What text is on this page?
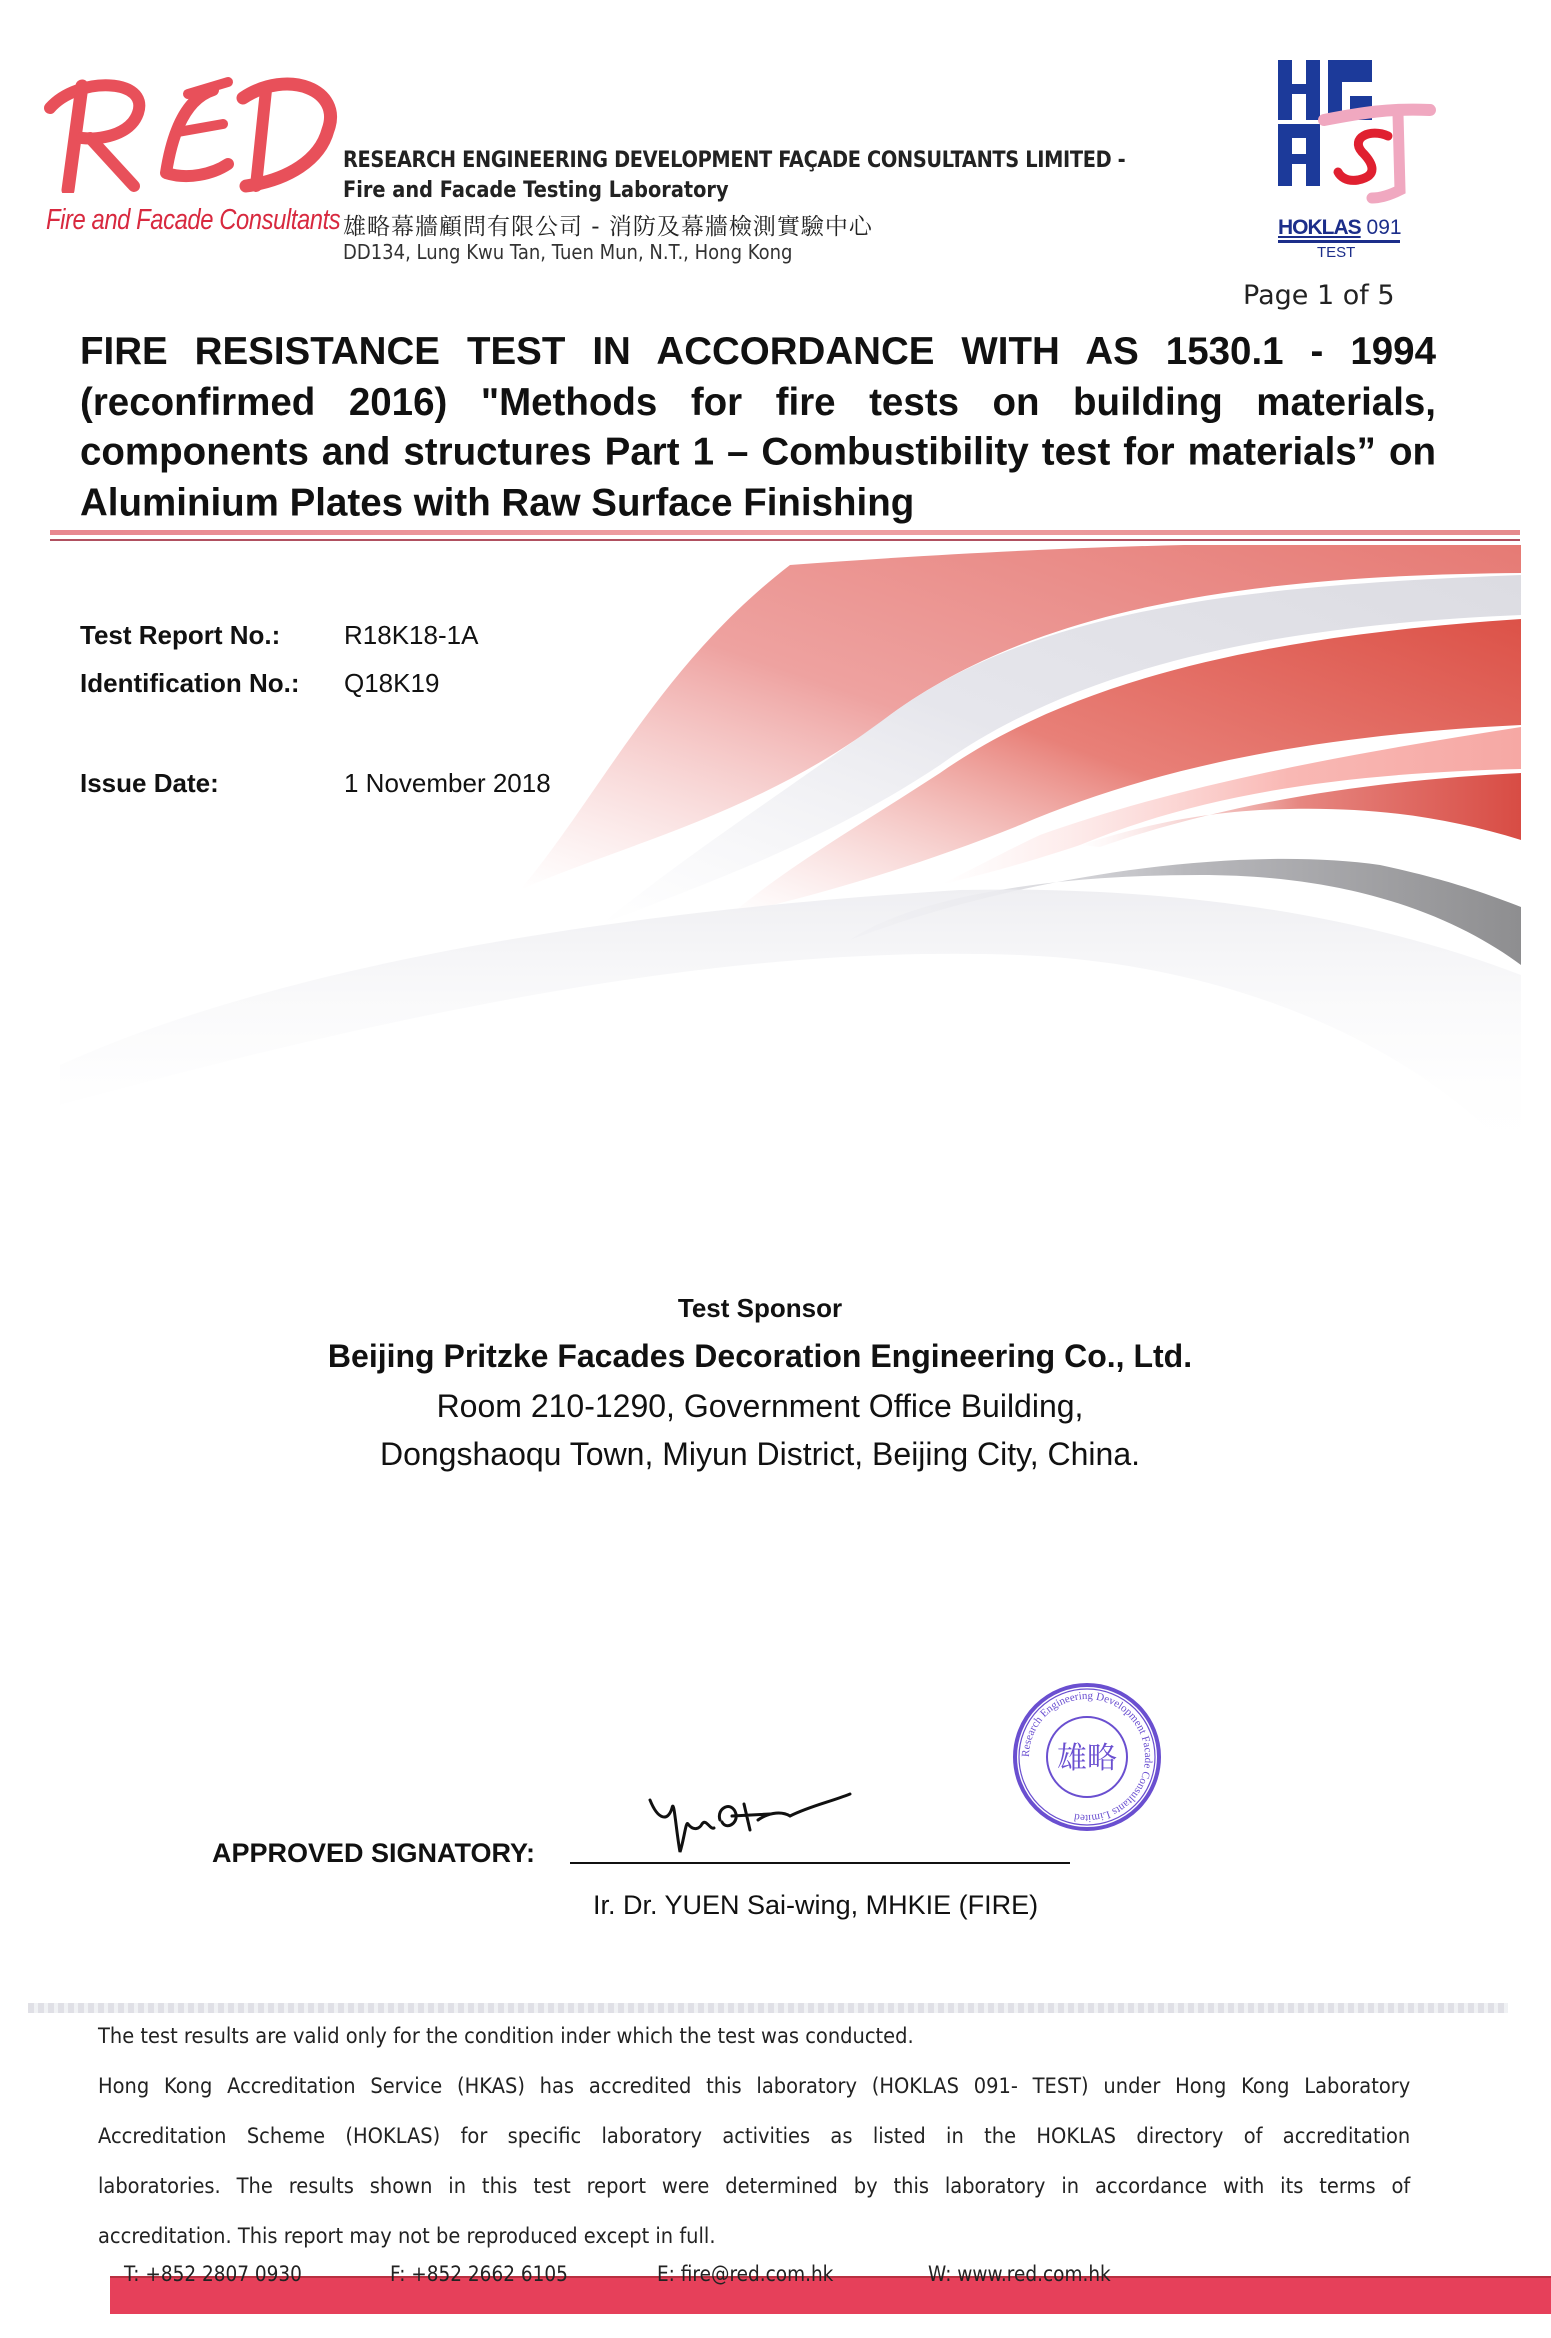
Fire and Facade Consultants
RESEARCH ENGINEERING DEVELOPMENT FAÇADE CONSULTANTS LIMITED -
Fire and Facade Testing Laboratory
雄略幕牆顧問有限公司 - 消防及幕牆檢測實驗中心
DD134, Lung Kwu Tan, Tuen Mun, N.T., Hong Kong
HOKLAS 091
TEST
Page 1 of 5
FIRE RESISTANCE TEST IN ACCORDANCE WITH AS 1530.1 - 1994 (reconfirmed 2016) "Methods for fire tests on building materials, components and structures Part 1 – Combustibility test for materials” on Aluminium Plates with Raw Surface Finishing
Test Report No.: R18K18-1A
Identification No.: Q18K19
Issue Date:	1 November 2018
Test Sponsor
Beijing Pritzke Facades Decoration Engineering Co., Ltd.
Room 210-1290, Government Office Building,
Dongshaoqu Town, Miyun District, Beijing City, China.
Research Engineering Development Facade Consultants Limited
雄略
APPROVED SIGNATORY:
Ir. Dr. YUEN Sai-wing, MHKIE (FIRE)
The test results are valid only for the condition inder which the test was conducted.
Hong Kong Accreditation Service (HKAS) has accredited this laboratory (HOKLAS 091- TEST) under Hong Kong Laboratory
Accreditation Scheme (HOKLAS) for specific laboratory activities as listed in the HOKLAS directory of accreditation
laboratories. The results shown in this test report were determined by this laboratory in accordance with its terms of
accreditation. This report may not be reproduced except in full.
T: +852 2807 0930	F: +852 2662 6105	E: fire@red.com.hk	W: www.red.com.hk
